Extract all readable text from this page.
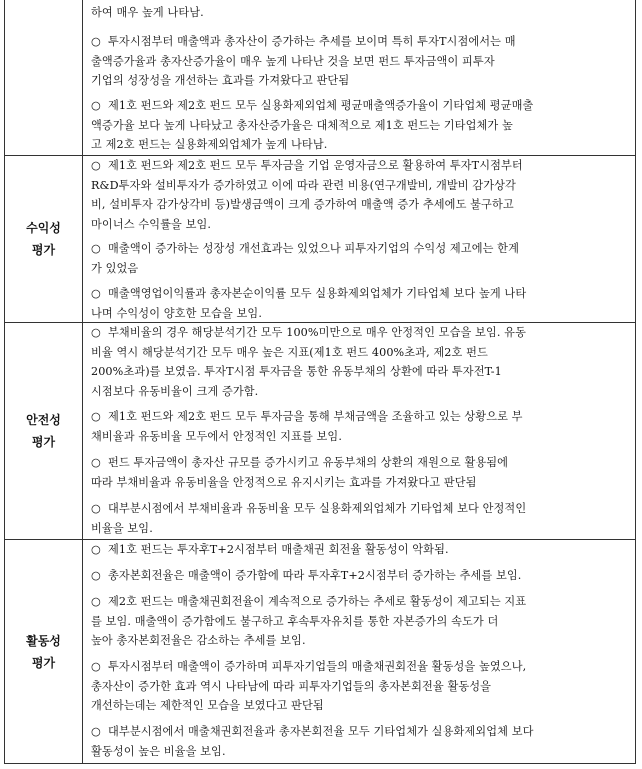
하여 매우 높게 나타남.
○ 투자시점부터 매출액과 총자산이 증가하는 추세를 보이며 특히 투자T시점에서는 매
출액증가율과 총자산증가율이 매우 높게 나타난 것을 보면 펀드 투자금액이 피투자
기업의 성장성을 개선하는 효과를 가져왔다고 판단됨
○ 제1호 펀드와 제2호 펀드 모두 실용화제외업체 평균매출액증가율이 기타업체 평균매출
액증가율 보다 높게 나타났고 총자산증가율은 대체적으로 제1호 펀드는 기타업체가 높
고 제2호 펀드는 실용화제외업체가 높게 나타남.
수익성
평가
○ 제1호 펀드와 제2호 펀드 모두 투자금을 기업 운영자금으로 활용하여 투자T시점부터
R&D투자와 설비투자가 증가하였고 이에 따라 관련 비용(연구개발비, 개발비 감가상각
비, 설비투자 감가상각비 등)발생금액이 크게 증가하여 매출액 증가 추세에도 불구하고
마이너스 수익률을 보임.
○ 매출액이 증가하는 성장성 개선효과는 있었으나 피투자기업의 수익성 제고에는 한계
가 있었음
○ 매출액영업이익률과 총자본순이익률 모두 실용화제외업체가 기타업체 보다 높게 나타
나며 수익성이 양호한 모습을 보임.
안전성
평가
○ 부채비율의 경우 해당분석기간 모두 100%미만으로 매우 안정적인 모습을 보임. 유동
비율 역시 해당분석기간 모두 매우 높은 지표(제1호 펀드 400%초과, 제2호 펀드
200%초과)를 보였음. 투자T시점 투자금을 통한 유동부채의 상환에 따라 투자전T-1
시점보다 유동비율이 크게 증가함.
○ 제1호 펀드와 제2호 펀드 모두 투자금을 통해 부채금액을 조율하고 있는 상황으로 부
채비율과 유동비율 모두에서 안정적인 지표를 보임.
○ 펀드 투자금액이 총자산 규모를 증가시키고 유동부채의 상환의 재원으로 활용됨에
따라 부채비율과 유동비율을 안정적으로 유지시키는 효과를 가져왔다고 판단됨
○ 대부분시점에서 부채비율과 유동비율 모두 실용화제외업체가 기타업체 보다 안정적인
비율을 보임.
활동성
평가
○ 제1호 펀드는 투자후T+2시점부터 매출채권 회전율 활동성이 악화됨.
○ 총자본회전율은 매출액이 증가함에 따라 투자후T+2시점부터 증가하는 추세를 보임.
○ 제2호 펀드는 매출채권회전율이 계속적으로 증가하는 추세로 활동성이 제고되는 지표
를 보임. 매출액이 증가함에도 불구하고 후속투자유치를 통한 자본증가의 속도가 더
높아 총자본회전율은 감소하는 추세를 보임.
○ 투자시점부터 매출액이 증가하며 피투자기업들의 매출채권회전율 활동성을 높였으나,
총자산이 증가한 효과 역시 나타남에 따라 피투자기업들의 총자본회전율 활동성을
개선하는데는 제한적인 모습을 보였다고 판단됨
○ 대부분시점에서 매출채권회전율과 총자본회전율 모두 기타업체가 실용화제외업체 보다
활동성이 높은 비율을 보임.
